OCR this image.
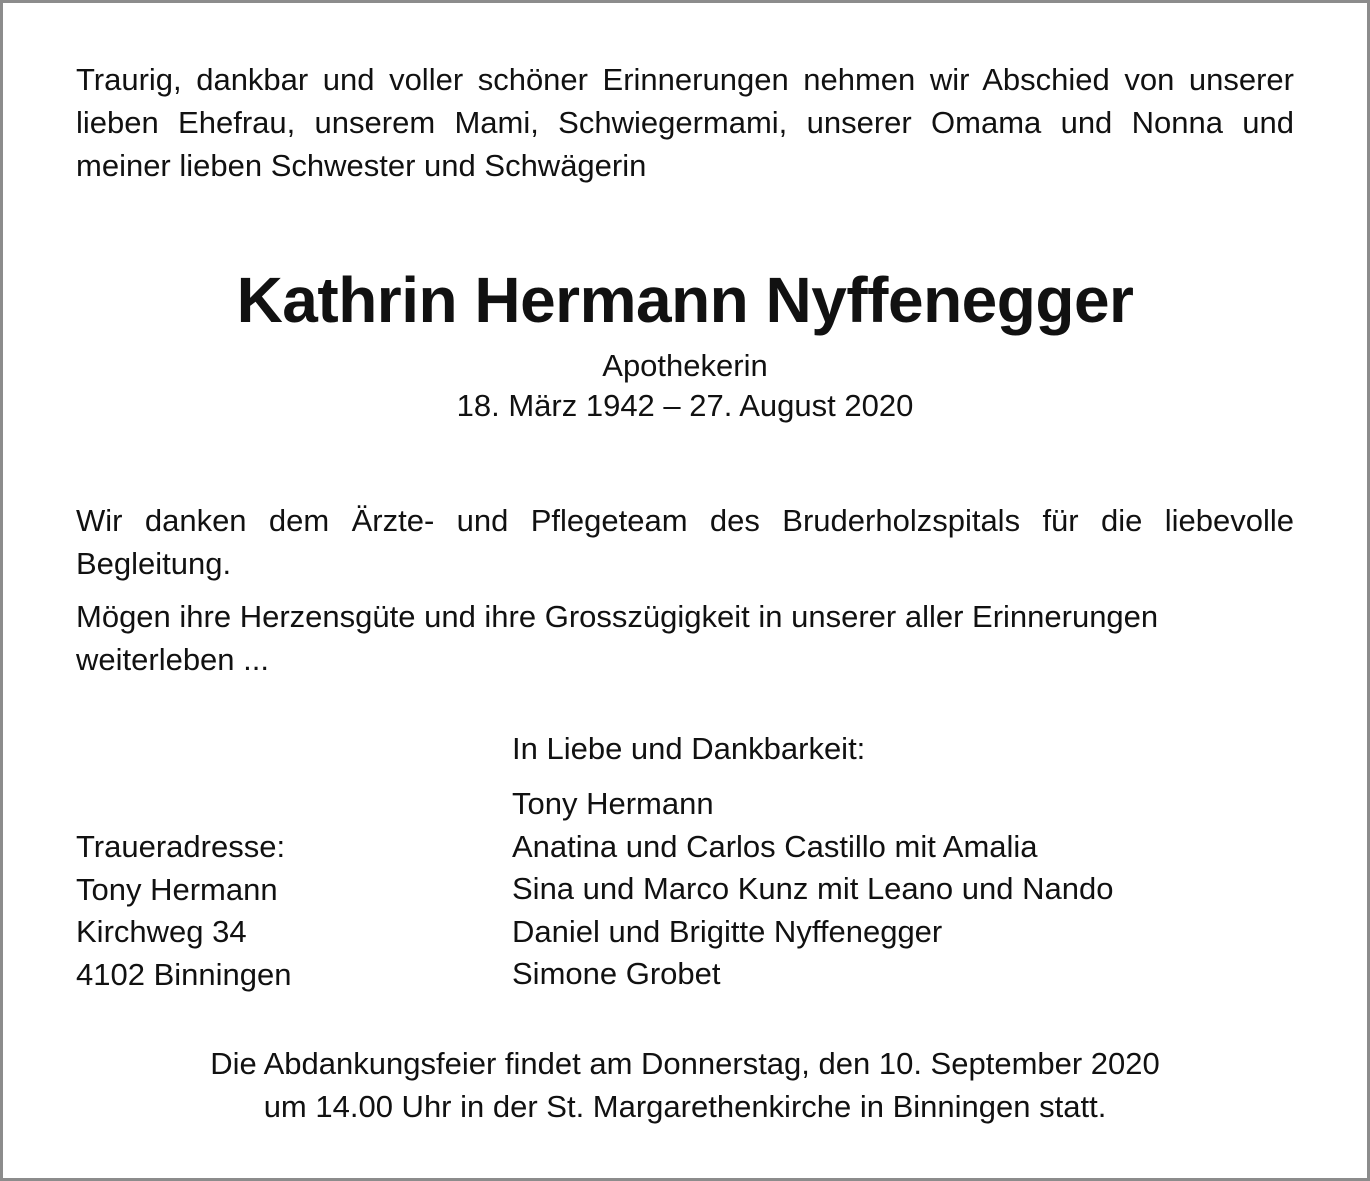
Traurig, dankbar und voller schöner Erinnerungen nehmen wir Abschied von unserer lieben Ehefrau, unserem Mami, Schwiegermami, unserer Omama und Nonna und meiner lieben Schwester und Schwägerin

Kathrin Hermann Nyffenegger
Apothekerin
18. März 1942 – 27. August 2020

Wir danken dem Ärzte- und Pflegeteam des Bruderholzspitals für die liebevolle Begleitung.

Mögen ihre Herzensgüte und ihre Grosszügigkeit in unserer aller Erinnerungen weiterleben ...

In Liebe und Dankbarkeit:
Traueradresse:
Tony Hermann
Kirchweg 34
4102 Binningen
Tony Hermann
Anatina und Carlos Castillo mit Amalia
Sina und Marco Kunz mit Leano und Nando
Daniel und Brigitte Nyffenegger
Simone Grobet
Die Abdankungsfeier findet am Donnerstag, den 10. September 2020
um 14.00 Uhr in der St. Margarethenkirche in Binningen statt.
